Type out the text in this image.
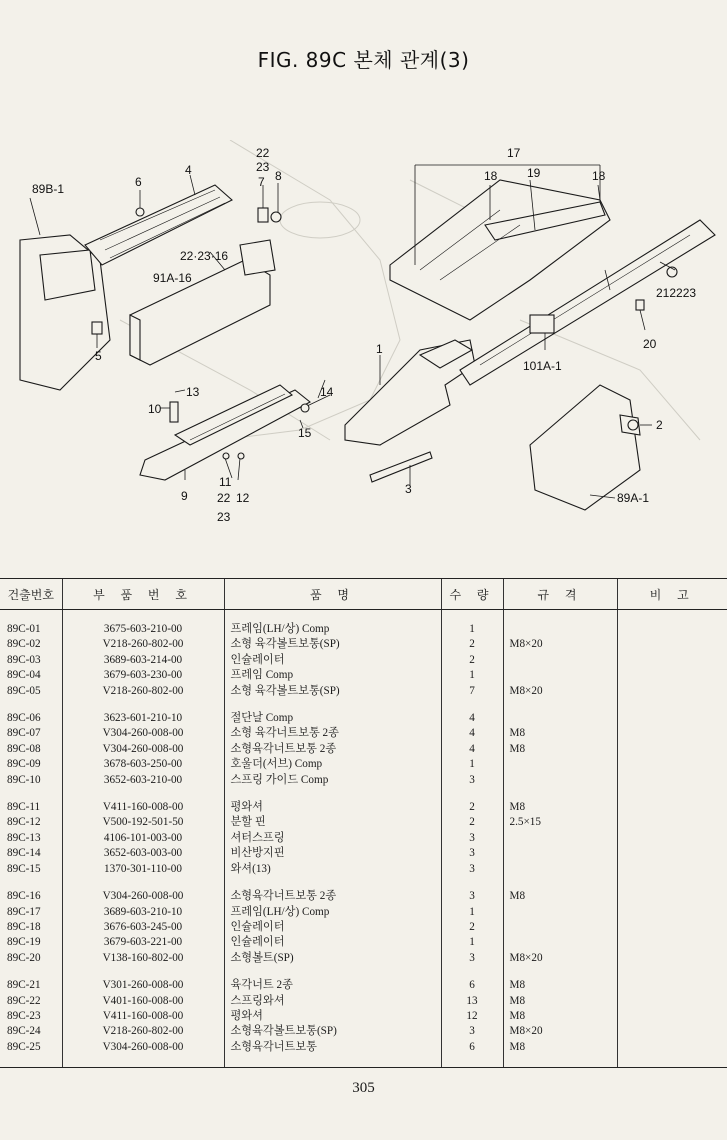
FIG. 89C 본체 관계(3)
89B-1	6
4
22
23
7 8
22·23·16
91A-16
5
13
10
9
11
22 12
23
14
15
1
3
17
18 19	18
212223
20
101A-1
2
89A-1
건출번호	부 품 번 호	품 명	수 량	규 격	비 고

89C-01	3675-603-210-00	프레임(LH/상) Comp	1		
89C-02	V218-260-802-00	소형 육각볼트보통(SP)	2	M8×20	
89C-03	3689-603-214-00	인슐레이터	2		
89C-04	3679-603-230-00	프레임 Comp	1		
89C-05	V218-260-802-00	소형 육각볼트보통(SP)	7	M8×20	

89C-06	3623-601-210-10	절단날 Comp	4		
89C-07	V304-260-008-00	소형 육각너트보통 2종	4	M8	
89C-08	V304-260-008-00	소형육각너트보통 2종	4	M8	
89C-09	3678-603-250-00	호울더(서브) Comp	1		
89C-10	3652-603-210-00	스프링 가이드 Comp	3		

89C-11	V411-160-008-00	평와셔	2	M8	
89C-12	V500-192-501-50	분할 핀	2	2.5×15	
89C-13	4106-101-003-00	셔터스프링	3		
89C-14	3652-603-003-00	비산방지핀	3		
89C-15	1370-301-110-00	와셔(13)	3		

89C-16	V304-260-008-00	소형육각너트보통 2종	3	M8	
89C-17	3689-603-210-10	프레임(LH/상) Comp	1		
89C-18	3676-603-245-00	인슐레이터	2		
89C-19	3679-603-221-00	인슐레이터	1		
89C-20	V138-160-802-00	소형볼트(SP)	3	M8×20	

89C-21	V301-260-008-00	육각너트 2종	6	M8	
89C-22	V401-160-008-00	스프링와셔	13	M8	
89C-23	V411-160-008-00	평와셔	12	M8	
89C-24	V218-260-802-00	소형육각볼트보통(SP)	3	M8×20	
89C-25	V304-260-008-00	소형육각너트보통	6	M8	

305
